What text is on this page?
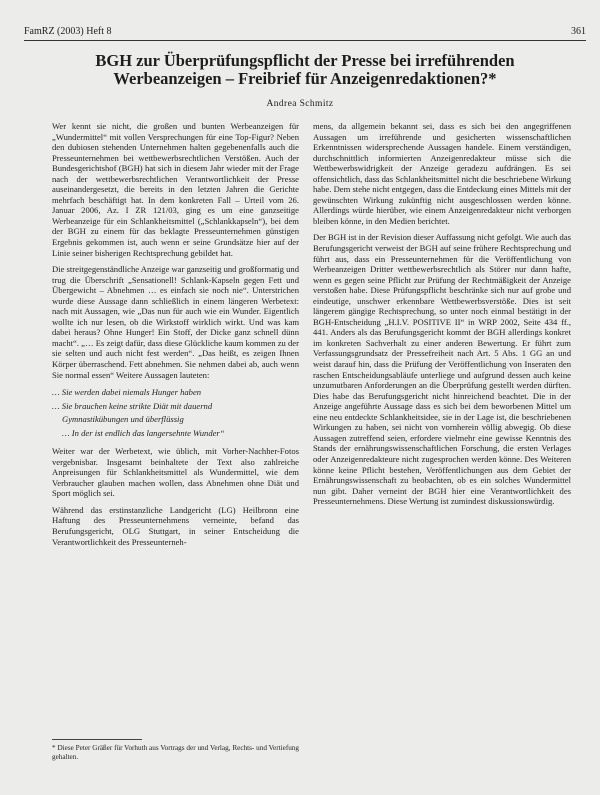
FamRZ (2003) Heft 8	361
BGH zur Überprüfungspflicht der Presse bei irreführenden
Werbeanzeigen – Freibrief für Anzeigenredaktionen?*
Andrea Schmitz

Wer kennt sie nicht, die großen und bunten Werbeanzeigen für „Wundermittel“ mit vollen Versprechungen für eine Top-Figur? Neben den dubiosen stehenden Unternehmen halten gegebenenfalls auch die Presseunternehmen bei wettbewerbsrechtlichen Verstößen. Auch der Bundesgerichtshof (BGH) hat sich in diesem Jahr wieder mit der Frage nach der wettbewerbsrechtlichen Verantwortlichkeit der Presse auseinandergesetzt, die bereits in den letzten Jahren die Gerichte mehrfach beschäftigt hat. In dem konkreten Fall – Urteil vom 26. Januar 2006, Az. I ZR 121/03, ging es um eine ganzseitige Werbeanzeige für ein Schlankheitsmittel („Schlankkapseln“), bei dem der BGH zu einem für das beklagte Presseunternehmen günstigen Ergebnis gekommen ist, auch wenn er seine Grundsätze hier auf der Linie seiner bisherigen Rechtsprechung gebildet hat.

Die streitgegenständliche Anzeige war ganzseitig und großformatig und trug die Überschrift „Sensationell! Schlank-Kapseln gegen Fett und Übergewicht – Abnehmen … es einfach sie noch nie“. Unterstrichen wurde diese Aussage dann schließlich in einem längeren Werbetext: nach mit Aussagen, wie „Das nun für auch wie ein Wunder. Eigentlich wollte ich nur lesen, ob die Wirkstoff wirklich wirkt. Und was kam dabei heraus? Ohne Hunger! Ein Stoff, der Dicke ganz schnell dünn macht“. „… Es zeigt dafür, dass diese Glückliche kaum kommen zu der sie selten und auch nicht fest werden“. „Das heißt, es zeigen Ihnen Körper überraschend. Fett abnehmen. Sie nehmen dabei ab, auch wenn Sie normal essen“ Weitere Aussagen lauteten:

… Sie werden dabei niemals Hunger haben
… Sie brauchen keine strikte Diät mit dauernd
Gymnastikübungen und überflüssig
… In der ist endlich das langersehnte Wunder“

Weiter war der Werbetext, wie üblich, mit Vorher-Nachher-Fotos vergebnisbar. Insgesamt beinhaltete der Text also zahlreiche Anpreisungen für Schlankheitsmittel als Wundermittel, wie dem Verbraucher glauben machen wollen, dass Abnehmen ohne Diät und Sport möglich sei.

Während das erstinstanzliche Landgericht (LG) Heilbronn eine Haftung des Presseunternehmens verneinte, befand das Berufungsgericht, OLG Stuttgart, in seiner Entscheidung die Verantwortlichkeit des Presseunterneh-

mens, da allgemein bekannt sei, dass es sich bei den angegriffenen Aussagen um irreführende und gesicherten wissenschaftlichen Erkenntnissen widersprechende Aussagen handele. Einem verständigen, durchschnittlich informierten Anzeigenredakteur müsse sich die Wettbewerbswidrigkeit der Anzeige geradezu aufdrängen. Es sei offensichtlich, dass das Schlankheitsmittel nicht die beschriebene Wirkung habe. Dem stehe nicht entgegen, dass die Entdeckung eines Mittels mit der gewünschten Wirkung zukünftig nicht ausgeschlossen werden könne. Allerdings würde hierüber, wie einem Anzeigenredakteur nicht verborgen bleiben könne, in den Medien berichtet.

Der BGH ist in der Revision dieser Auffassung nicht gefolgt. Wie auch das Berufungsgericht verweist der BGH auf seine frühere Rechtsprechung und führt aus, dass ein Presseunternehmen für die Veröffentlichung von Werbeanzeigen Dritter wettbewerbsrechtlich als Störer nur dann hafte, wenn es gegen seine Pflicht zur Prüfung der Rechtmäßigkeit der Anzeige verstoßen habe. Diese Prüfungspflicht beschränke sich nur auf grobe und eindeutige, unschwer erkennbare Wettbewerbsverstöße. Dies ist seit längerem gängige Rechtsprechung, so unter noch einmal bestätigt in der BGH-Entscheidung „H.I.V. POSITIVE II“ in WRP 2002, Seite 434 ff., 441. Anders als das Berufungsgericht kommt der BGH allerdings konkret im konkreten Sachverhalt zu einer anderen Bewertung. Er führt zum Verfassungsgrundsatz der Pressefreiheit nach Art. 5 Abs. 1 GG an und weist darauf hin, dass die Prüfung der Veröffentlichung von Inseraten den raschen Entscheidungsabläufe unterliege und aufgrund dessen auch keine unzumutbaren Anforderungen an die Überprüfung gestellt werden dürften. Dies habe das Berufungsgericht nicht hinreichend beachtet. Die in der Anzeige angeführte Aussage dass es sich bei dem beworbenen Mittel um eine neu entdeckte Schlankheitsidee, sie in der Lage ist, die beschriebenen Wirkungen zu haben, sei nicht von vornherein völlig abwegig. Ob diese Aussagen zutreffend seien, erfordere vielmehr eine gewisse Kenntnis des Stands der ernährungswissenschaftlichen Forschung, die ersten Verlages oder Anzeigenredakteure nicht zugesprochen werden könne. Des Weiteren könne keine Pflicht bestehen, Veröffentlichungen aus dem Gebiet der Ernährungswissenschaft zu beobachten, ob es ein solches Wundermittel nun gibt. Daher verneint der BGH hier eine Verantwortlichkeit des Presseunternehmens. Diese Wertung ist zumindest diskussionswürdig.

* Diese Peter Gräßer für Vorhuth aus Vortrags der und Verlag, Rechts- und Vertiefung gehalten.
